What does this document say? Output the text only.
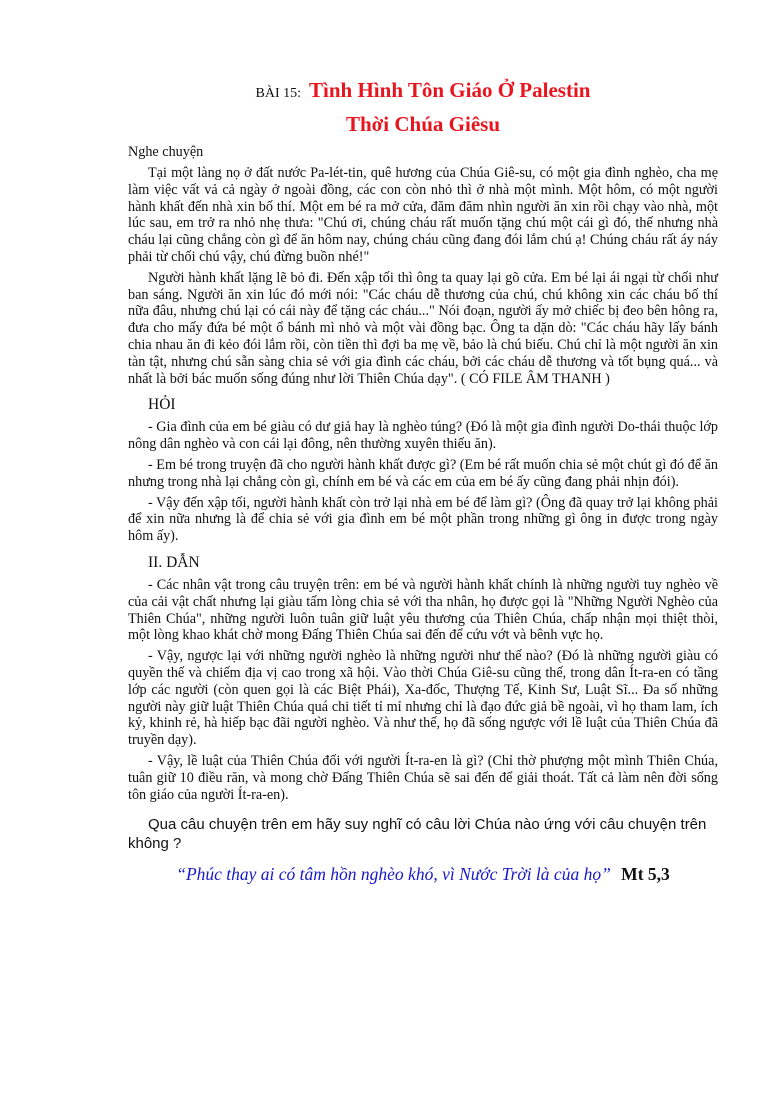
BÀI 15: Tình Hình Tôn Giáo Ở Palestin
Thời Chúa Giêsu

Nghe chuyện

Tại một làng nọ ở đất nước Pa-lét-tin, quê hương của Chúa Giê-su, có một gia đình nghèo, cha mẹ làm việc vất vả cả ngày ở ngoài đồng, các con còn nhỏ thì ở nhà một mình. Một hôm, có một người hành khất đến nhà xin bố thí. Một em bé ra mở cửa, đăm đăm nhìn người ăn xin rồi chạy vào nhà, một lúc sau, em trở ra nhỏ nhẹ thưa: "Chú ơi, chúng cháu rất muốn tặng chú một cái gì đó, thế nhưng nhà cháu lại cũng chẳng còn gì để ăn hôm nay, chúng cháu cũng đang đói lắm chú ạ! Chúng cháu rất áy náy phải từ chối chú vậy, chú đừng buồn nhé!"

Người hành khất lặng lẽ bỏ đi. Đến xập tối thì ông ta quay lại gõ cửa. Em bé lại ái ngại từ chối như ban sáng. Người ăn xin lúc đó mới nói: "Các cháu dễ thương của chú, chú không xin các cháu bố thí nữa đâu, nhưng chú lại có cái này để tặng các cháu..." Nói đoạn, người ấy mở chiếc bị đeo bên hông ra, đưa cho mấy đứa bé một ổ bánh mì nhỏ và một vài đồng bạc. Ông ta dặn dò: "Các cháu hãy lấy bánh chia nhau ăn đi kẻo đói lắm rồi, còn tiền thì đợi ba mẹ về, bảo là chú biếu. Chú chỉ là một người ăn xin tàn tật, nhưng chú sẵn sàng chia sẻ với gia đình các cháu, bởi các cháu dễ thương và tốt bụng quá... và nhất là bởi bác muốn sống đúng như lời Thiên Chúa dạy". ( CÓ FILE ÂM THANH )

HỎI

- Gia đình của em bé giàu có dư giả hay là nghèo túng? (Đó là một gia đình người Do-thái thuộc lớp nông dân nghèo và con cái lại đông, nên thường xuyên thiếu ăn).

- Em bé trong truyện đã cho người hành khất được gì? (Em bé rất muốn chia sẻ một chút gì đó để ăn nhưng trong nhà lại chẳng còn gì, chính em bé và các em của em bé ấy cũng đang phải nhịn đói).

- Vậy đến xập tối, người hành khất còn trở lại nhà em bé để làm gì? (Ông đã quay trở lại không phải để xin nữa nhưng là để chia sẻ với gia đình em bé một phần trong những gì ông in được trong ngày hôm ấy).

II. DẪN

- Các nhân vật trong câu truyện trên: em bé và người hành khất chính là những người tuy nghèo về của cải vật chất nhưng lại giàu tấm lòng chia sẻ với tha nhân, họ được gọi là "Những Người Nghèo của Thiên Chúa", những người luôn tuân giữ luật yêu thương của Thiên Chúa, chấp nhận mọi thiệt thòi, một lòng khao khát chờ mong Đấng Thiên Chúa sai đến để cứu vớt và bênh vực họ.

- Vậy, ngược lại với những người nghèo là những người như thế nào? (Đó là những người giàu có quyền thế và chiếm địa vị cao trong xã hội. Vào thời Chúa Giê-su cũng thế, trong dân Ít-ra-en có tầng lớp các người (còn quen gọi là các Biệt Phái), Xa-đốc, Thượng Tế, Kinh Sư, Luật Sĩ... Đa số những người này giữ luật Thiên Chúa quá chi tiết tỉ mỉ nhưng chỉ là đạo đức giả bề ngoài, vì họ tham lam, ích kỷ, khinh rẻ, hà hiếp bạc đãi người nghèo. Và như thế, họ đã sống ngược với lề luật của Thiên Chúa đã truyền dạy).

- Vậy, lề luật của Thiên Chúa đối với người Ít-ra-en là gì? (Chỉ thờ phượng một mình Thiên Chúa, tuân giữ 10 điều răn, và mong chờ Đấng Thiên Chúa sẽ sai đến để giải thoát. Tất cả làm nên đời sống tôn giáo của người Ít-ra-en).

Qua câu chuyện trên em hãy suy nghĩ có câu lời Chúa nào ứng với câu chuyện trên không ?

“Phúc thay ai có tâm hồn nghèo khó, vì Nước Trời là của họ” Mt 5,3
